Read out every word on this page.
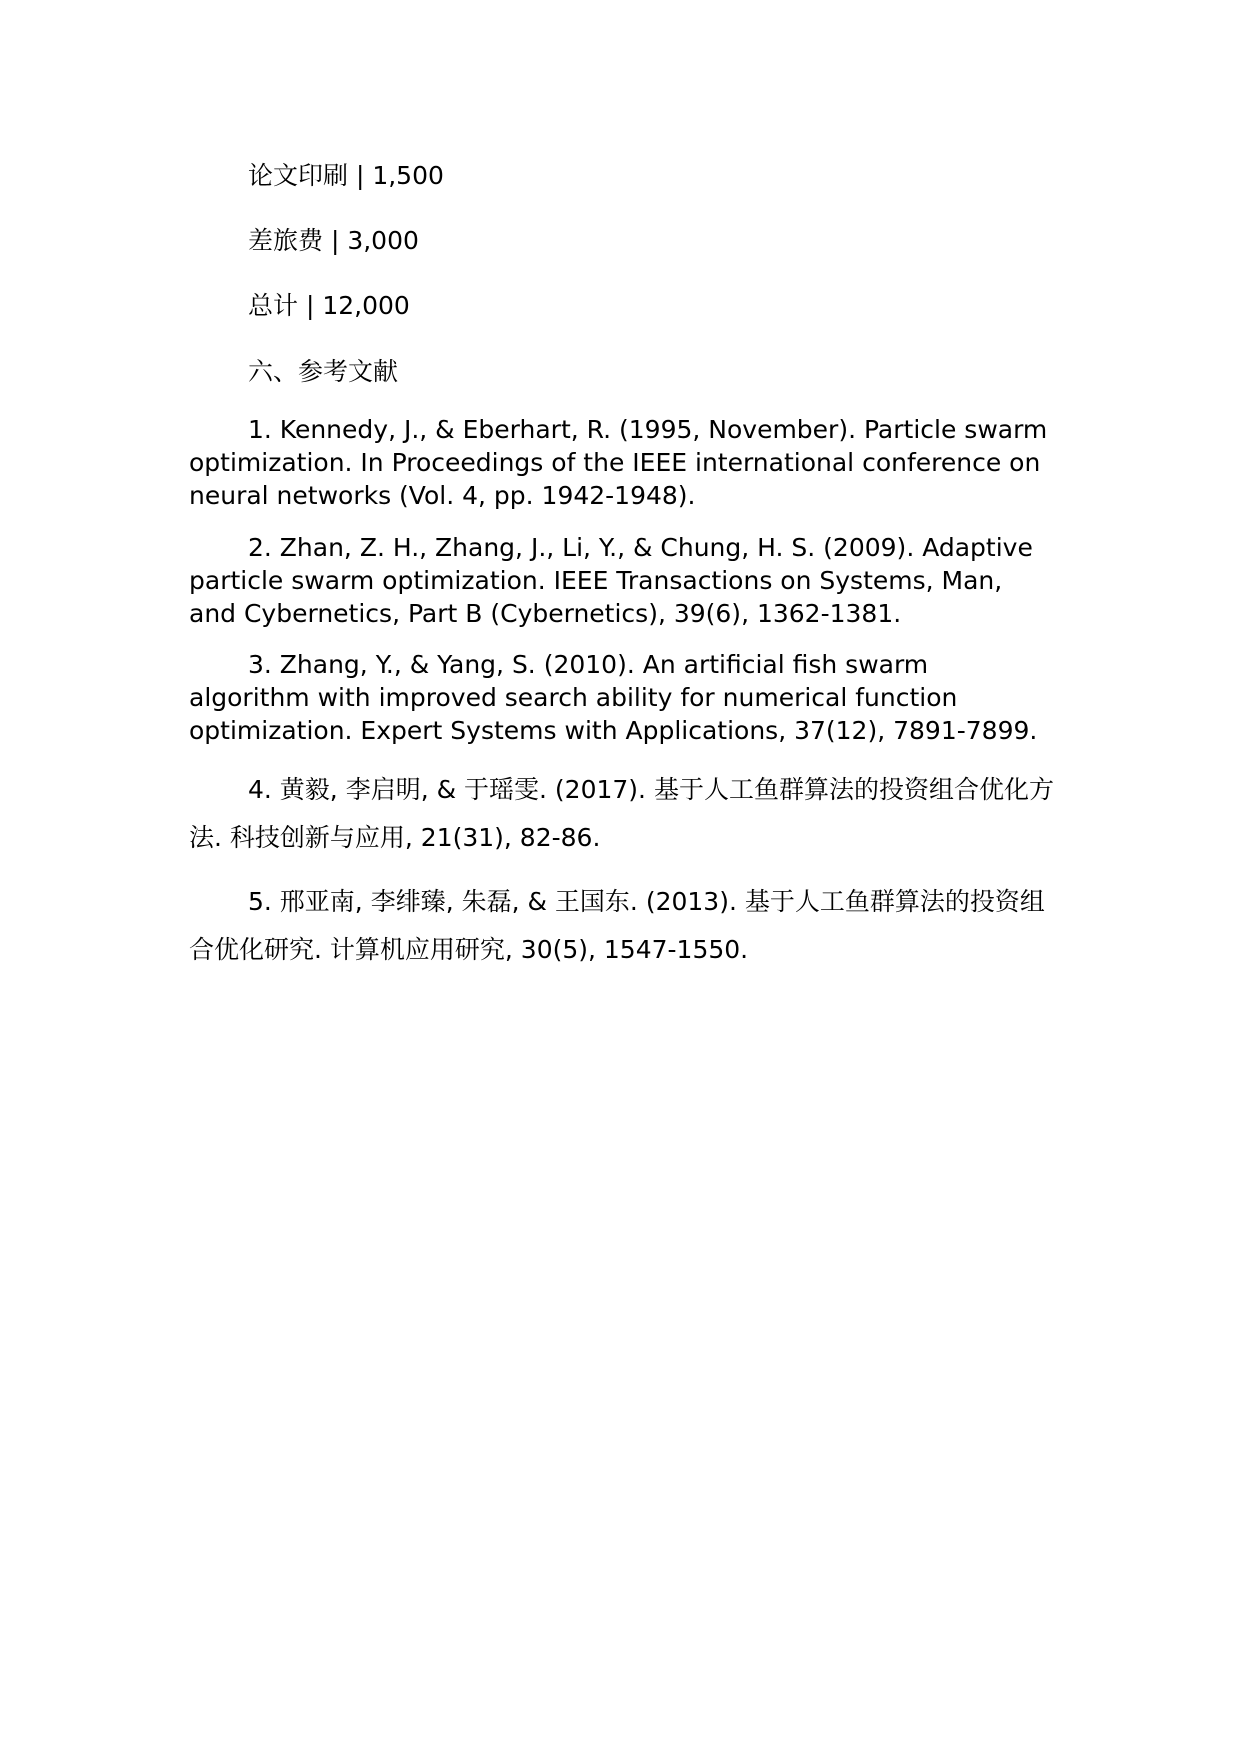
论文印刷 | 1,500

差旅费 | 3,000

总计 | 12,000

六、参考文献

1. Kennedy, J., & Eberhart, R. (1995, November). Particle swarm optimization. In Proceedings of the IEEE international conference on neural networks (Vol. 4, pp. 1942-1948).

2. Zhan, Z. H., Zhang, J., Li, Y., & Chung, H. S. (2009). Adaptive particle swarm optimization. IEEE Transactions on Systems, Man, and Cybernetics, Part B (Cybernetics), 39(6), 1362-1381.

3. Zhang, Y., & Yang, S. (2010). An artificial fish swarm algorithm with improved search ability for numerical function optimization. Expert Systems with Applications, 37(12), 7891-7899.

4. 黄毅, 李启明, & 于瑶雯. (2017). 基于人工鱼群算法的投资组合优化方法. 科技创新与应用, 21(31), 82-86.

5. 邢亚南, 李绯臻, 朱磊, & 王国东. (2013). 基于人工鱼群算法的投资组合优化研究. 计算机应用研究, 30(5), 1547-1550.
